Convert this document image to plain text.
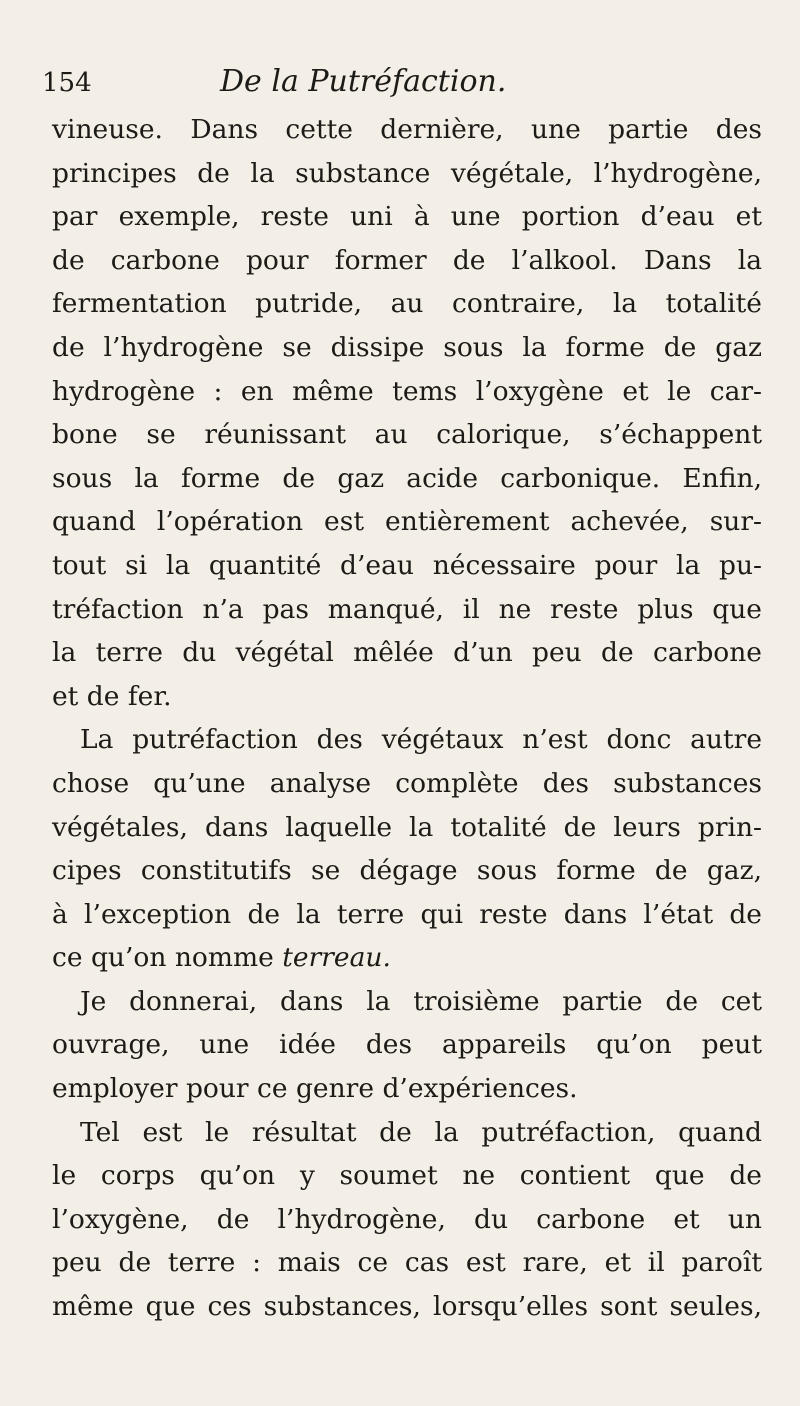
154	De la Putréfaction.
vineuse. Dans cette dernière, une partie des
principes de la substance végétale, l’hydrogène,
par exemple, reste uni à une portion d’eau et
de carbone pour former de l’alkool. Dans la
fermentation putride, au contraire, la totalité
de l’hydrogène se dissipe sous la forme de gaz
hydrogène : en même tems l’oxygène et le car-
bone se réunissant au calorique, s’échappent
sous la forme de gaz acide carbonique. Enfin,
quand l’opération est entièrement achevée, sur-
tout si la quantité d’eau nécessaire pour la pu-
tréfaction n’a pas manqué, il ne reste plus que
la terre du végétal mêlée d’un peu de carbone
et de fer.
La putréfaction des végétaux n’est donc autre
chose qu’une analyse complète des substances
végétales, dans laquelle la totalité de leurs prin-
cipes constitutifs se dégage sous forme de gaz,
à l’exception de la terre qui reste dans l’état de
ce qu’on nomme terreau.
Je donnerai, dans la troisième partie de cet
ouvrage, une idée des appareils qu’on peut
employer pour ce genre d’expériences.
Tel est le résultat de la putréfaction, quand
le corps qu’on y soumet ne contient que de
l’oxygène, de l’hydrogène, du carbone et un
peu de terre : mais ce cas est rare, et il paroît
même que ces substances, lorsqu’elles sont seules,
